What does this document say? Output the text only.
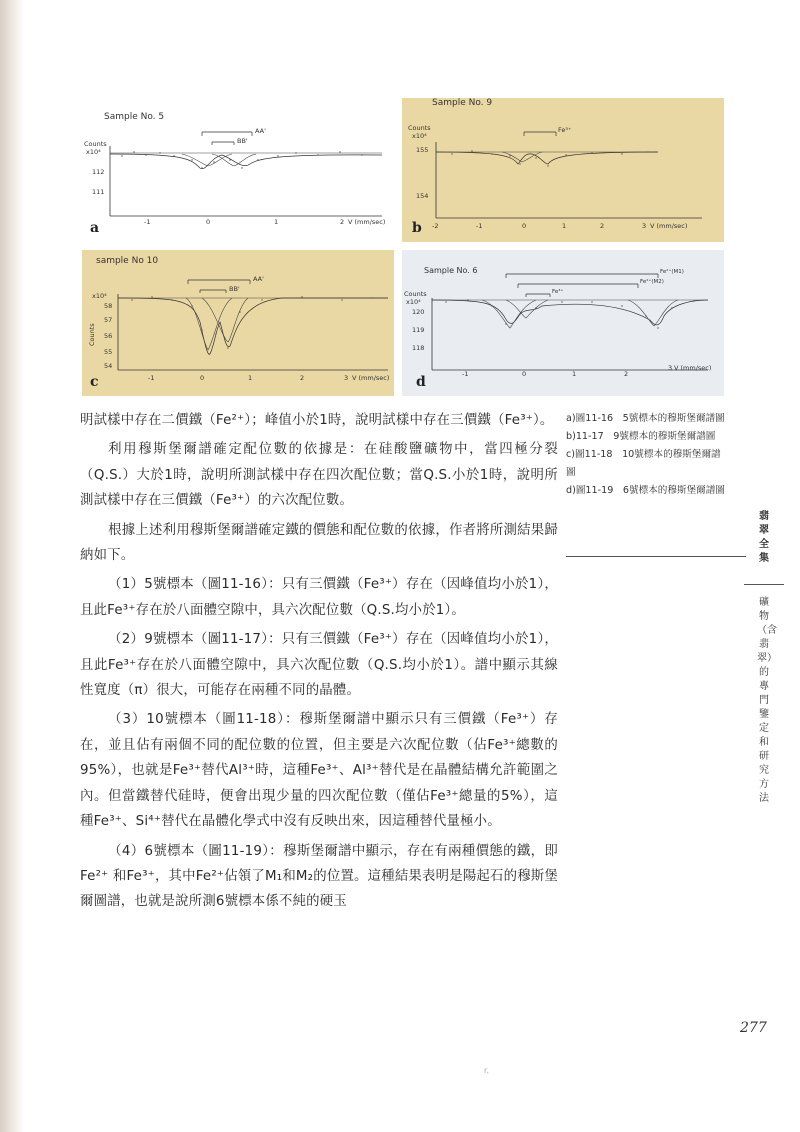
Sample No. 5
Counts
x10⁴
112
111
-1	0	1	2 V (mm/sec)
AA'
BB'
a
Sample No. 9
Counts
x10⁴
155
154
-2	-1	0	1	2	3 V (mm/sec)
Fe³⁺
b
sample No 10
x10⁴
Counts
58
57
56
55
54
-1	0	1	2	3 V (mm/sec)
AA'
BB'
c
Sample No. 6
Counts
x10⁴
120
119
118
-1	0	1	2
3 V (mm/sec)
Fe²⁺(M1)
Fe²⁺(M2)
Fe³⁺
d

明試樣中存在二價鐵（Fe²⁺）；峰值小於1時，說明試樣中存在三價鐵（Fe³⁺）。

利用穆斯堡爾譜確定配位數的依據是：在硅酸鹽礦物中，當四極分裂（Q.S.）大於1時，說明所測試樣中存在四次配位數；當Q.S.小於1時，說明所測試樣中存在三價鐵（Fe³⁺）的六次配位數。

根據上述利用穆斯堡爾譜確定鐵的價態和配位數的依據，作者將所測結果歸納如下。

（1）5號標本（圖11-16）：只有三價鐵（Fe³⁺）存在（因峰值均小於1），且此Fe³⁺存在於八面體空隙中，具六次配位數（Q.S.均小於1）。

（2）9號標本（圖11-17）：只有三價鐵（Fe³⁺）存在（因峰值均小於1），且此Fe³⁺存在於八面體空隙中，具六次配位數（Q.S.均小於1）。譜中顯示其線性寬度（π）很大，可能存在兩種不同的晶體。

（3）10號標本（圖11-18）：穆斯堡爾譜中顯示只有三價鐵（Fe³⁺）存在，並且佔有兩個不同的配位數的位置，但主要是六次配位數（佔Fe³⁺總數的95%），也就是Fe³⁺替代Al³⁺時，這種Fe³⁺、Al³⁺替代是在晶體結構允許範圍之內。但當鐵替代硅時，便會出現少量的四次配位數（僅佔Fe³⁺總量的5%），這種Fe³⁺、Si⁴⁺替代在晶體化學式中沒有反映出來，因這種替代量極小。

（4）6號標本（圖11-19）：穆斯堡爾譜中顯示，存在有兩種價態的鐵，即Fe²⁺ 和Fe³⁺，其中Fe²⁺佔領了M₁和M₂的位置。這種結果表明是陽起石的穆斯堡爾圖譜，也就是說所測6號標本係不純的硬玉

a)圖11-16　5號標本的穆斯堡爾譜圖
b)11-17　9號標本的穆斯堡爾譜圖
c)圖11-18　10號標本的穆斯堡爾譜圖
d)圖11-19　6號標本的穆斯堡爾譜圖
翡翠全集
礦物（含翡翠）的專門鑒定和研究方法
277
r.
